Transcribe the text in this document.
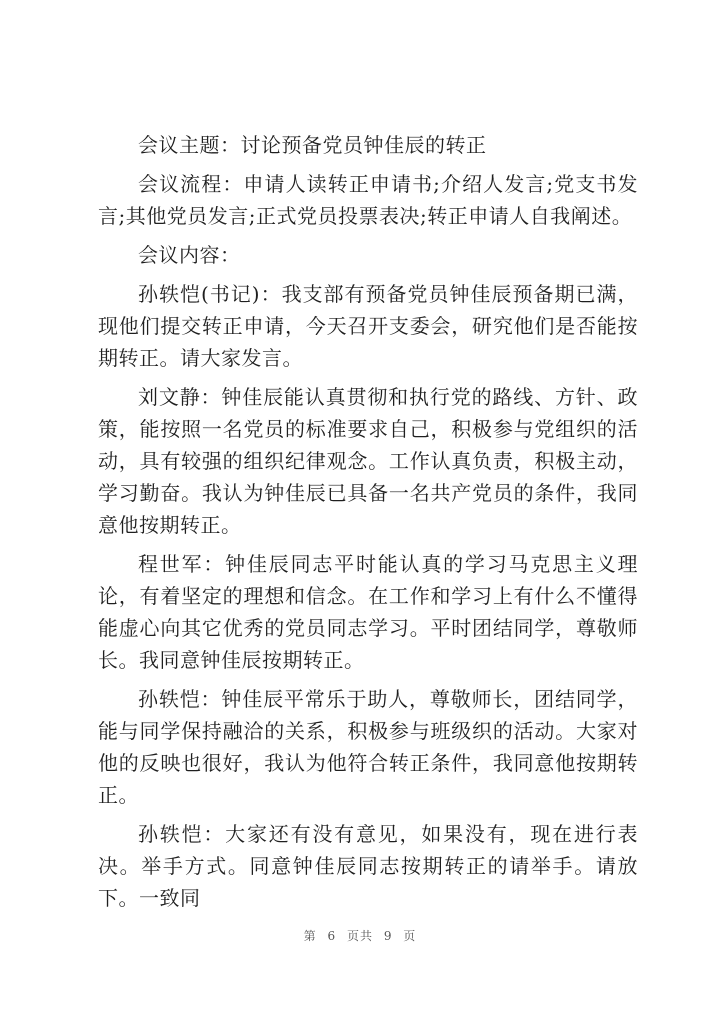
会议主题：讨论预备党员钟佳辰的转正

会议流程：申请人读转正申请书;介绍人发言;党支书发言;其他党员发言;正式党员投票表决;转正申请人自我阐述。

会议内容：

孙轶恺(书记)：我支部有预备党员钟佳辰预备期已满，现他们提交转正申请，今天召开支委会，研究他们是否能按期转正。请大家发言。

刘文静：钟佳辰能认真贯彻和执行党的路线、方针、政策，能按照一名党员的标准要求自己，积极参与党组织的活动，具有较强的组织纪律观念。工作认真负责，积极主动，学习勤奋。我认为钟佳辰已具备一名共产党员的条件，我同意他按期转正。

程世军：钟佳辰同志平时能认真的学习马克思主义理论，有着坚定的理想和信念。在工作和学习上有什么不懂得能虚心向其它优秀的党员同志学习。平时团结同学，尊敬师长。我同意钟佳辰按期转正。

孙轶恺：钟佳辰平常乐于助人，尊敬师长，团结同学，能与同学保持融洽的关系，积极参与班级织的活动。大家对他的反映也很好，我认为他符合转正条件，我同意他按期转正。

孙轶恺：大家还有没有意见，如果没有，现在进行表决。举手方式。同意钟佳辰同志按期转正的请举手。请放下。一致同

第 6 页共 9 页
